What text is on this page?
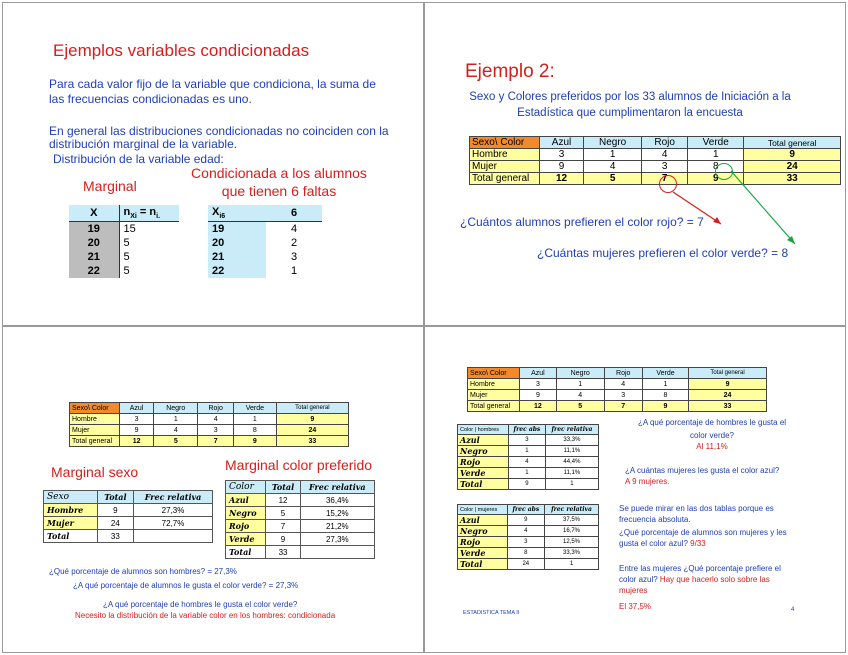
Ejemplos variables condicionadas
Para cada valor fijo de la variable que condiciona, la suma de las frecuencias condicionadas es uno.
En general las distribuciones condicionadas no coinciden con la distribución marginal de la variable.
Distribución de la variable edad:
Marginal
Condicionada a los alumnos que tienen 6 faltas
X	$n_{Xi} = n_{i.}$
19	15
20	5
21	5
22	5
$X_{i6}$	6
19	4
20	2
21	3
22	1
Ejemplo 2:
Sexo y Colores preferidos por los 33 alumnos de Iniciación a la Estadística que cumplimentaron la encuesta
Sexo\ Color	Azul	Negro	Rojo	Verde	Total general
Hombre	3	1	4	1	9
Mujer	9	4	3	8	24
Total general	12	5	7	9	33
¿Cuántos alumnos prefieren el color rojo? = 7
¿Cuántas mujeres prefieren el color verde? = 8
Sexo\ Color	Azul	Negro	Rojo	Verde	Total general
Hombre	3	1	4	1	9
Mujer	9	4	3	8	24
Total general	12	5	7	9	33
Marginal sexo	Marginal color preferido
Sexo	Total	Frec relativa
Hombre	9	27,3%
Mujer	24	72,7%
Total	33	
Color	Total	Frec relativa
Azul	12	36,4%
Negro	5	15,2%
Rojo	7	21,2%
Verde	9	27,3%
Total	33	
¿Qué porcentaje de alumnos son hombres? = 27,3%
¿A qué porcentaje de alumnos le gusta el color verde? = 27,3%
¿A qué porcentaje de hombres le gusta el color verde?
Necesito la distribución de la variable color en los hombres: condicionada
Sexo\ Color	Azul	Negro	Rojo	Verde	Total general
Hombre	3	1	4	1	9
Mujer	9	4	3	8	24
Total general	12	5	7	9	33
Color | hombres	frec abs	frec relativa
Azul	3	33,3%
Negro	1	11,1%
Rojo	4	44,4%
Verde	1	11,1%
Total	9	1
Color | mujeres	frec abs	frec relativa
Azul	9	37,5%
Negro	4	16,7%
Rojo	3	12,5%
Verde	8	33,3%
Total	24	1
¿A qué porcentaje de hombres le gusta el color verde?
Al 11,1%
¿A cuántas mujeres les gusta el color azul? A 9 mujeres.
Se puede mirar en las dos tablas porque es frecuencia absoluta.
¿Qué porcentaje de alumnos son mujeres y les gusta el color azul? 9/33
Entre las mujeres ¿Qué porcentaje prefiere el color azul? Hay que hacerlo solo sobre las mujeres
El 37,5%
ESTADISTICA TEMA II	4
